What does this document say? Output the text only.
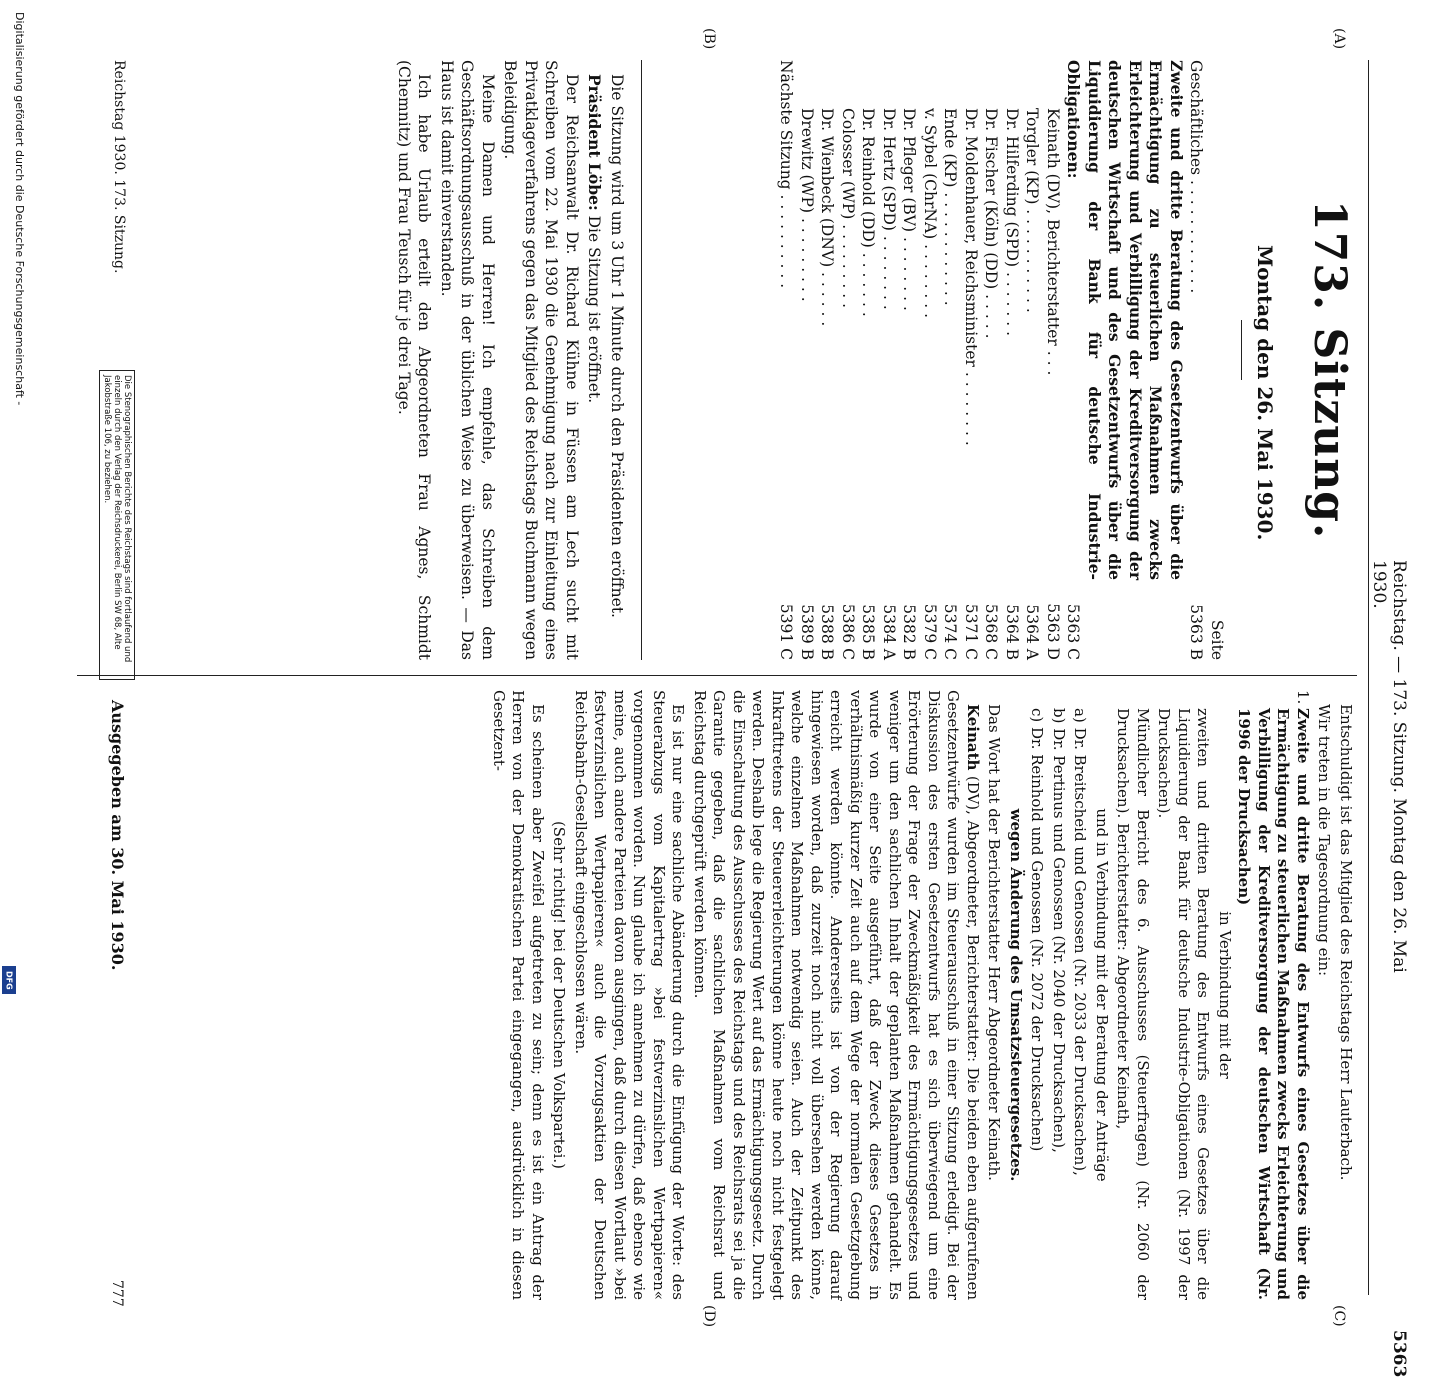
Digitalisierung gefördert durch die Deutsche Forschungsgemeinschaft -
DFG
Reichstag. — 173. Sitzung. Montag den 26. Mai 1930.
5363
(A)
(B)
(C)
(D)
173. Sitzung.
Montag den 26. Mai 1930.
Seite
Geschäftliches . . . . . . . . . . . .
5363 B
Zweite und dritte Beratung des Gesetzentwurfs über die Ermächtigung zu steuerlichen Maßnahmen zwecks Erleichterung und Verbilligung der Kreditversorgung der deutschen Wirtschaft und des Gesetzentwurfs über die Liquidierung der Bank für deutsche Industrie-Obligationen:
5363 C
Keinath (DV), Berichterstatter . . .
5363 D
Torgler (KP) . . . . . . . . . . .
5364 A
Dr. Hilferding (SPD) . . . . . . .
5364 B
Dr. Fischer (Köln) (DD) . . . . .
5368 C
Dr. Moldenhauer, Reichsminister . . . . . . . .
5371 C
Ende (KP) . . . . . . . . . . . .
5374 C
v. Sybel (ChrNA) . . . . . . . .
5379 C
Dr. Pfleger (BV) . . . . . . . .
5382 B
Dr. Hertz (SPD) . . . . . . . .
5384 A
Dr. Reinhold (DD) . . . . . . .
5385 B
Colosser (WP) . . . . . . . . .
5386 C
Dr. Wienbeck (DNV) . . . . . .
5388 B
Drewitz (WP) . . . . . . . . .
5389 B
Nächste Sitzung . . . . . . . . . .
5391 C

Die Sitzung wird um 3 Uhr 1 Minute durch den Präsidenten eröffnet.

Präsident Löbe: Die Sitzung ist eröffnet.

Der Reichsanwalt Dr. Richard Kühne in Füssen am Lech sucht mit Schreiben vom 22. Mai 1930 die Genehmigung nach zur Einleitung eines Privatklageverfahrens gegen das Mitglied des Reichstags Buchmann wegen Beleidigung.

Meine Damen und Herren! Ich empfehle, das Schreiben dem Geschäftsordnungsausschuß in der üblichen Weise zu überweisen. — Das Haus ist damit einverstanden.

Ich habe Urlaub erteilt den Abgeordneten Frau Agnes, Schmidt (Chemnitz) und Frau Teusch für je drei Tage.

Reichstag 1930. 173. Sitzung.
Die Stenographischen Berichte des Reichstags sind fortlaufend und einzeln durch den Verlag der Reichsdruckerei, Berlin SW 68, Alte Jakobstraße 106, zu beziehen.

Entschuldigt ist das Mitglied des Reichstags Herr Lauterbach.

Wir treten in die Tagesordnung ein:

1.
Zweite und dritte Beratung des Entwurfs eines Gesetzes über die Ermächtigung zu steuerlichen Maßnahmen zwecks Erleichterung und Verbilligung der Kreditversorgung der deutschen Wirtschaft (Nr. 1996 der Drucksachen)

in Verbindung mit der

zweiten und dritten Beratung des Entwurfs eines Gesetzes über die Liquidierung der Bank für deutsche Industrie-Obligationen (Nr. 1997 der Drucksachen).

Mündlicher Bericht des 6. Ausschusses (Steuerfragen) (Nr. 2060 der Drucksachen). Berichterstatter: Abgeordneter Keinath,

und in Verbindung mit der Beratung der Anträge

a) Dr. Breitscheid und Genossen (Nr. 2033 der Drucksachen),

b) Dr. Pertinus und Genossen (Nr. 2040 der Drucksachen),

c) Dr. Reinhold und Genossen (Nr. 2072 der Drucksachen)

wegen Änderung des Umsatzsteuergesetzes.

Das Wort hat der Berichterstatter Herr Abgeordneter Keinath.

Keinath (DV), Abgeordneter, Berichterstatter: Die beiden eben aufgerufenen Gesetzentwürfe wurden im Steuerausschuß in einer Sitzung erledigt. Bei der Diskussion des ersten Gesetzentwurfs hat es sich überwiegend um eine Erörterung der Frage der Zweckmäßigkeit des Ermächtigungsgesetzes und weniger um den sachlichen Inhalt der geplanten Maßnahmen gehandelt. Es wurde von einer Seite ausgeführt, daß der Zweck dieses Gesetzes in verhältnismäßig kurzer Zeit auch auf dem Wege der normalen Gesetzgebung erreicht werden könnte. Andererseits ist von der Regierung darauf hingewiesen worden, daß zurzeit noch nicht voll übersehen werden könne, welche einzelnen Maßnahmen notwendig seien. Auch der Zeitpunkt des Inkrafttretens der Steuererleichterungen könne heute noch nicht festgelegt werden. Deshalb lege die Regierung Wert auf das Ermächtigungsgesetz. Durch die Einschaltung des Ausschusses des Reichstags und des Reichsrats sei ja die Garantie gegeben, daß die sachlichen Maßnahmen vom Reichsrat und Reichstag durchgeprüft werden können.

Es ist nur eine sachliche Abänderung durch die Einfügung der Worte: des Steuerabzugs vom Kapitalertrag »bei festverzinslichen Wertpapieren« vorgenommen worden. Nun glaube ich annehmen zu dürfen, daß ebenso wie meine, auch andere Parteien davon ausgingen, daß durch diesen Wortlaut »bei festverzinslichen Wertpapieren« auch die Vorzugsaktien der Deutschen Reichsbahn-Gesellschaft eingeschlossen wären.

(Sehr richtig! bei der Deutschen Volkspartei.)

Es scheinen aber Zweifel aufgetreten zu sein; denn es ist ein Antrag der Herren von der Demokratischen Partei eingegangen, ausdrücklich in diesen Gesetzent-

Ausgegeben am 30. Mai 1930.
777
